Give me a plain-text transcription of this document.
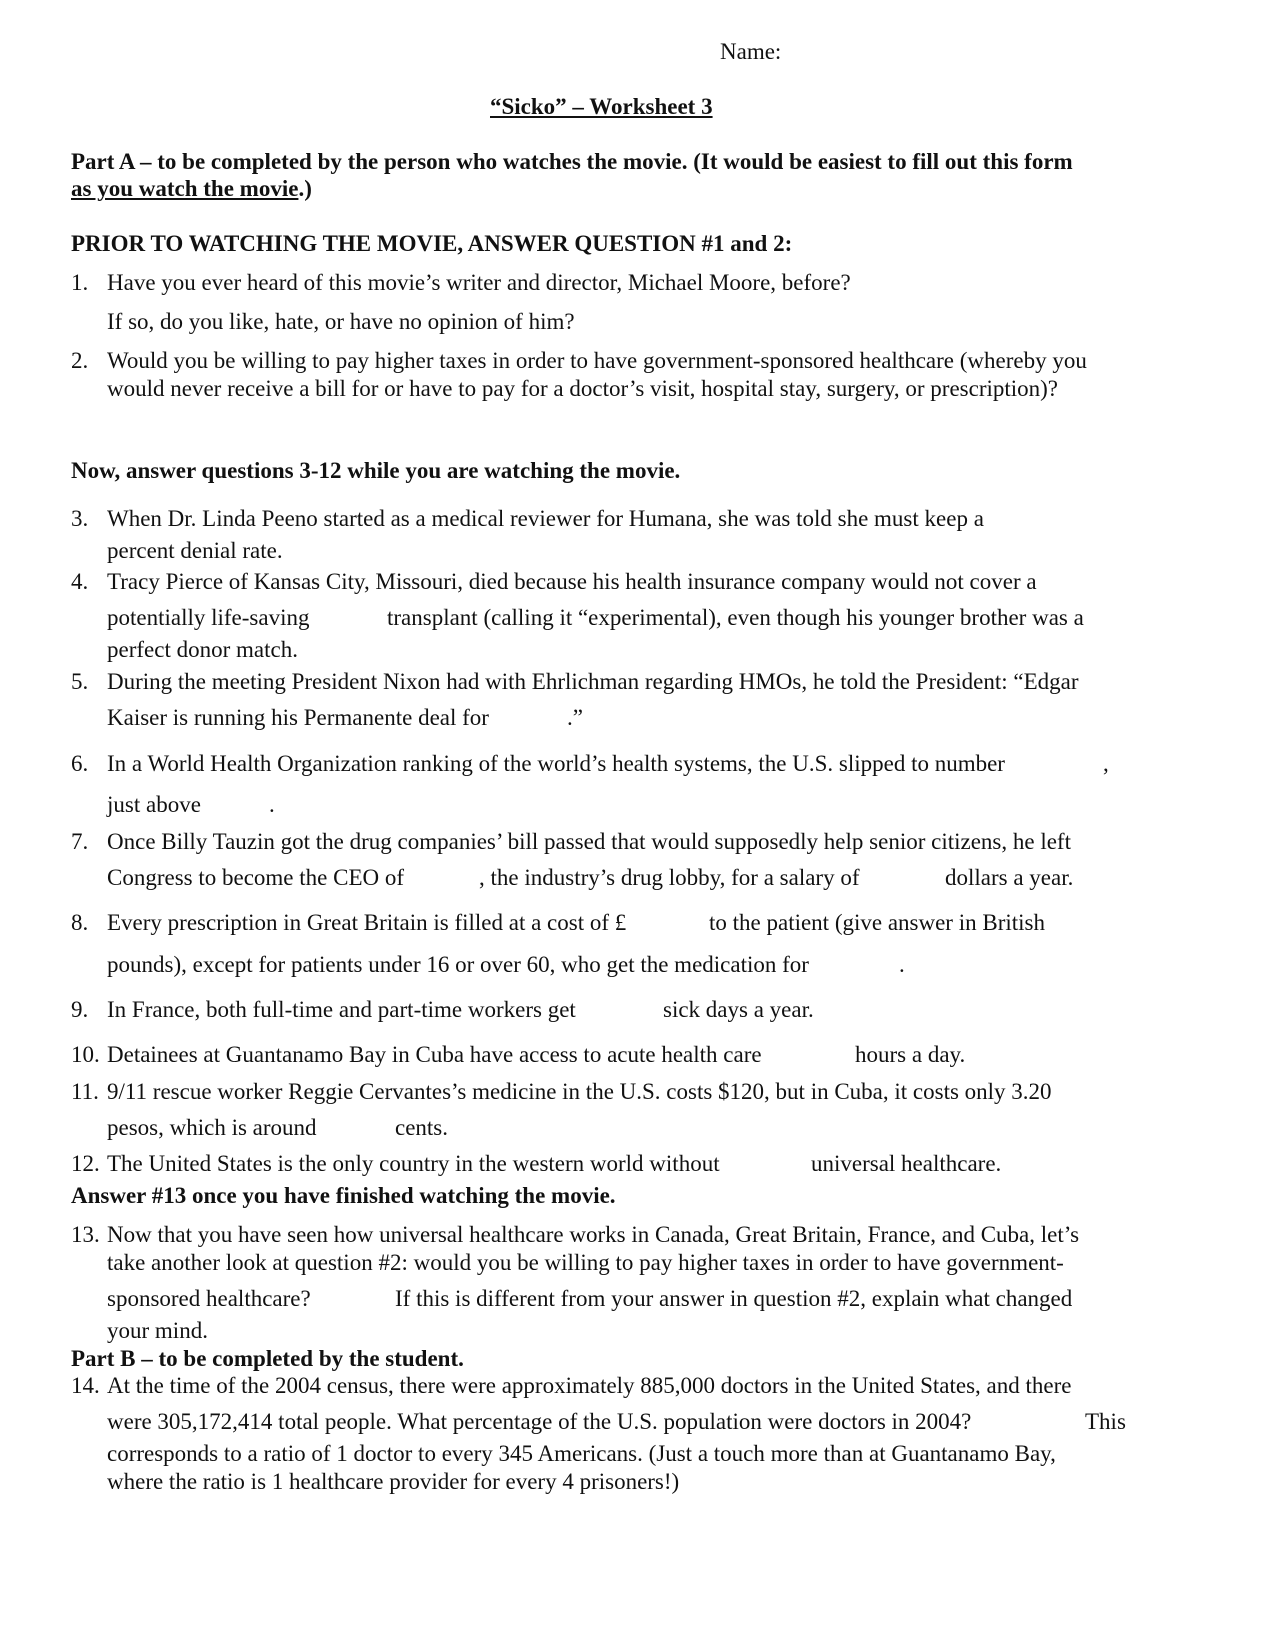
Name:
“Sicko” – Worksheet 3
Part A – to be completed by the person who watches the movie. (It would be easiest to fill out this form
as you watch the movie.)
PRIOR TO WATCHING THE MOVIE, ANSWER QUESTION #1 and 2:
1. Have you ever heard of this movie’s writer and director, Michael Moore, before?
If so, do you like, hate, or have no opinion of him?
2. Would you be willing to pay higher taxes in order to have government-sponsored healthcare (whereby you
would never receive a bill for or have to pay for a doctor’s visit, hospital stay, surgery, or prescription)?
Now, answer questions 3-12 while you are watching the movie.
3. When Dr. Linda Peeno started as a medical reviewer for Humana, she was told she must keep a
percent denial rate.
4. Tracy Pierce of Kansas City, Missouri, died because his health insurance company would not cover a
potentially life-saving	transplant (calling it “experimental), even though his younger brother was a
perfect donor match.
5. During the meeting President Nixon had with Ehrlichman regarding HMOs, he told the President: “Edgar
Kaiser is running his Permanente deal for	.”
6. In a World Health Organization ranking of the world’s health systems, the U.S. slipped to number	,
just above	.
7. Once Billy Tauzin got the drug companies’ bill passed that would supposedly help senior citizens, he left
Congress to become the CEO of	, the industry’s drug lobby, for a salary of	dollars a year.
8. Every prescription in Great Britain is filled at a cost of £	to the patient (give answer in British
pounds), except for patients under 16 or over 60, who get the medication for	.
9. In France, both full-time and part-time workers get	sick days a year.
10. Detainees at Guantanamo Bay in Cuba have access to acute health care	hours a day.
11. 9/11 rescue worker Reggie Cervantes’s medicine in the U.S. costs $120, but in Cuba, it costs only 3.20
pesos, which is around	cents.
12. The United States is the only country in the western world without	universal healthcare.
Answer #13 once you have finished watching the movie.
13. Now that you have seen how universal healthcare works in Canada, Great Britain, France, and Cuba, let’s
take another look at question #2: would you be willing to pay higher taxes in order to have government-
sponsored healthcare?	If this is different from your answer in question #2, explain what changed
your mind.
Part B – to be completed by the student.
14. At the time of the 2004 census, there were approximately 885,000 doctors in the United States, and there
were 305,172,414 total people. What percentage of the U.S. population were doctors in 2004?	This
corresponds to a ratio of 1 doctor to every 345 Americans. (Just a touch more than at Guantanamo Bay,
where the ratio is 1 healthcare provider for every 4 prisoners!)
